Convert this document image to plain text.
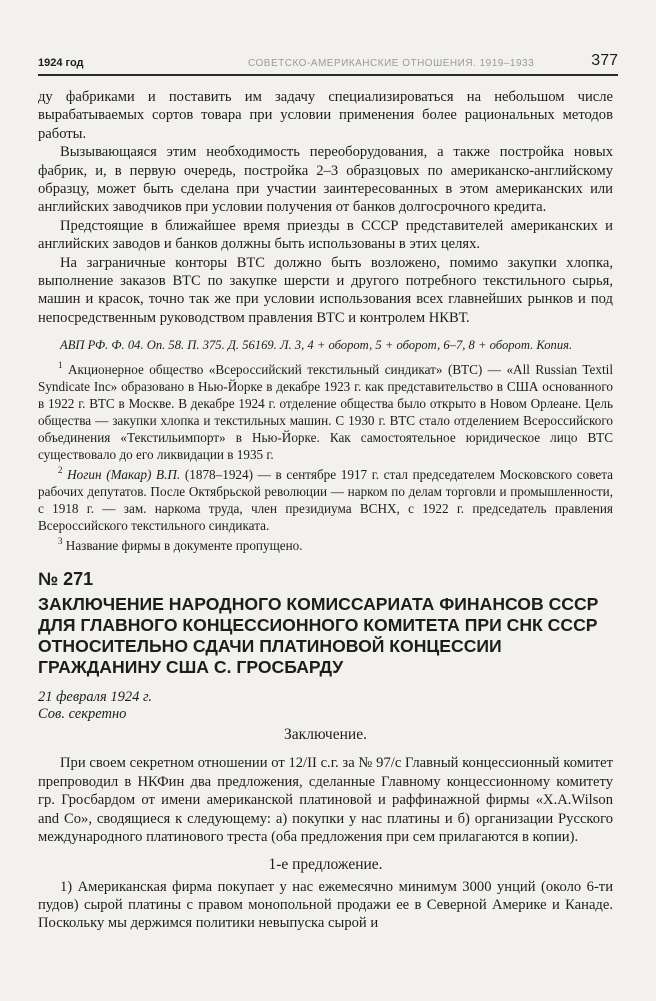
1924 год	СОВЕТСКО-АМЕРИКАНСКИЕ ОТНОШЕНИЯ. 1919–1933	377

ду фабриками и поставить им задачу специализироваться на небольшом числе вырабатываемых сортов товара при условии применения более рациональных методов работы.

Вызывающаяся этим необходимость переоборудования, а также постройка новых фабрик, и, в первую очередь, постройка 2–3 образцовых по американско-английскому образцу, может быть сделана при участии заинтересованных в этом американских или английских заводчиков при условии получения от банков долгосрочного кредита.

Предстоящие в ближайшее время приезды в СССР представителей американских и английских заводов и банков должны быть использованы в этих целях.

На заграничные конторы ВТС должно быть возложено, помимо закупки хлопка, выполнение заказов ВТС по закупке шерсти и другого потребного текстильного сырья, машин и красок, точно так же при условии использования всех главнейших рынков и под непосредственным руководством правления ВТС и контролем НКВТ.

АВП РФ. Ф. 04. Оп. 58. П. 375. Д. 56169. Л. 3, 4 + оборот, 5 + оборот, 6–7, 8 + оборот. Копия.

$^1$ Акционерное общество «Всероссийский текстильный синдикат» (ВТС) — «All Russian Textil Syndicate Inc» образовано в Нью-Йорке в декабре 1923 г. как представительство в США основанного в 1922 г. ВТС в Москве. В декабре 1924 г. отделение общества было открыто в Новом Орлеане. Цель общества — закупки хлопка и текстильных машин. С 1930 г. ВТС стало отделением Всероссийского объединения «Текстильимпорт» в Нью-Йорке. Как самостоятельное юридическое лицо ВТС существовало до его ликвидации в 1935 г.

$^2$ Ногин (Макар) В.П. (1878–1924) — в сентябре 1917 г. стал председателем Московского совета рабочих депутатов. После Октябрьской революции — нарком по делам торговли и промышленности, с 1918 г. — зам. наркома труда, член президиума ВСНХ, с 1922 г. председатель правления Всероссийского текстильного синдиката.

$^3$ Название фирмы в документе пропущено.

№ 271
ЗАКЛЮЧЕНИЕ НАРОДНОГО КОМИССАРИАТА ФИНАНСОВ СССР ДЛЯ ГЛАВНОГО КОНЦЕССИОННОГО КОМИТЕТА ПРИ СНК СССР ОТНОСИТЕЛЬНО СДАЧИ ПЛАТИНОВОЙ КОНЦЕССИИ ГРАЖДАНИНУ США С. ГРОСБАРДУ
21 февраля 1924 г.
Сов. секретно

Заключение.

При своем секретном отношении от 12/II с.г. за № 97/с Главный концессионный комитет препроводил в НКФин два предложения, сделанные Главному концессионному комитету гр. Гросбардом от имени американской платиновой и раффинажной фирмы «X.A.Wilson and Co», сводящиеся к следующему: а) покупки у нас платины и б) организации Русского международного платинового треста (оба предложения при сем прилагаются в копии).

1-е предложение.

1) Американская фирма покупает у нас ежемесячно минимум 3000 унций (около 6-ти пудов) сырой платины с правом монопольной продажи ее в Северной Америке и Канаде. Поскольку мы держимся политики невыпуска сырой и
